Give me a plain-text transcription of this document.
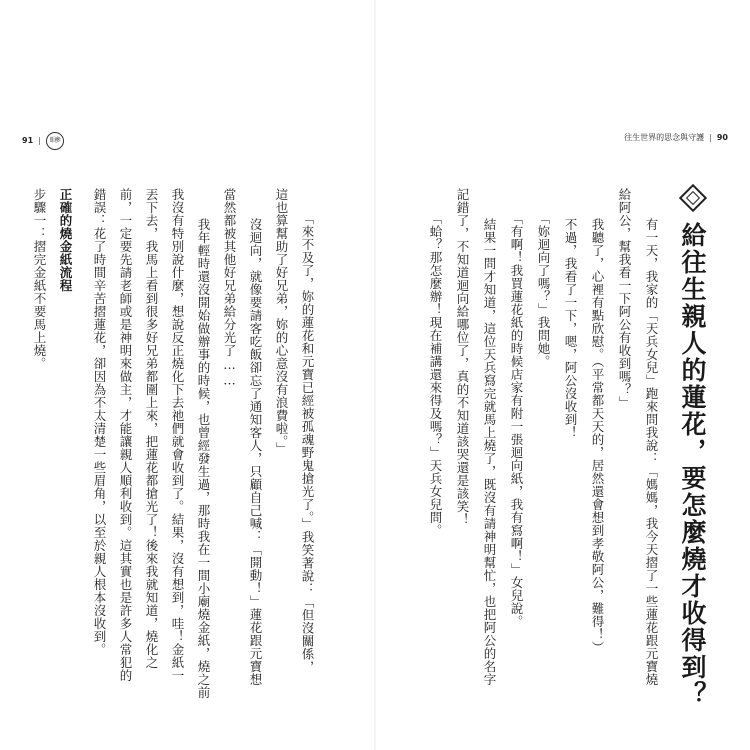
91 | 䀠參	往生世界的思念與守護 | 90
給往生親人的蓮花，要怎麼燒才收得到？
　有一天，我家的「天兵女兒」跑來問我說：「媽媽，我今天摺了一些蓮花跟元寶燒
給阿公，幫我看一下阿公有收到嗎？」
　我聽了，心裡有點欣慰。（平常都天天的，居然還會想到孝敬阿公，難得！）
　不過，我看了一下，嗯，阿公沒收到！
　「妳迴向了嗎？」我問她。
　「有啊！我買蓮花紙的時候店家有附一張迴向紙，我有寫啊！」女兒說。
　結果一問才知道，這位天兵寫完就馬上燒了，既沒有請神明幫忙，也把阿公的名字
記錯了，不知道迴向給哪位了，真的不知道該哭還是該笑！
　「蛤？那怎麼辦！現在補講還來得及嗎？」天兵女兒問。
　「來不及了，妳的蓮花和元寶已經被孤魂野鬼搶光了。」我笑著說：「但沒關係，
這也算幫助了好兄弟，妳的心意沒有浪費啦。」
　沒迴向，就像要請客吃飯卻忘了通知客人，只顧自己喊：「開動！」蓮花跟元寶想
當然都被其他好兄弟給分光了……
　我年輕時還沒開始做辦事的時候，也曾經發生過，那時我在一間小廟燒金紙，燒之前
我沒有特別說什麼，想說反正燒化下去祂們就會收到了。結果，沒有想到，哇！金紙一
丟下去，我馬上看到很多好兄弟都圍上來，把蓮花都搶光了！後來我就知道，燒化之
前，一定要先請老師或是神明來做主，才能讓親人順利收到。這其實也是許多人常犯的
錯誤：花了時間辛苦摺蓮花，卻因為不太清楚一些眉角，以至於親人根本沒收到。
正確的燒金紙流程
步驟一：摺完金紙不要馬上燒。
